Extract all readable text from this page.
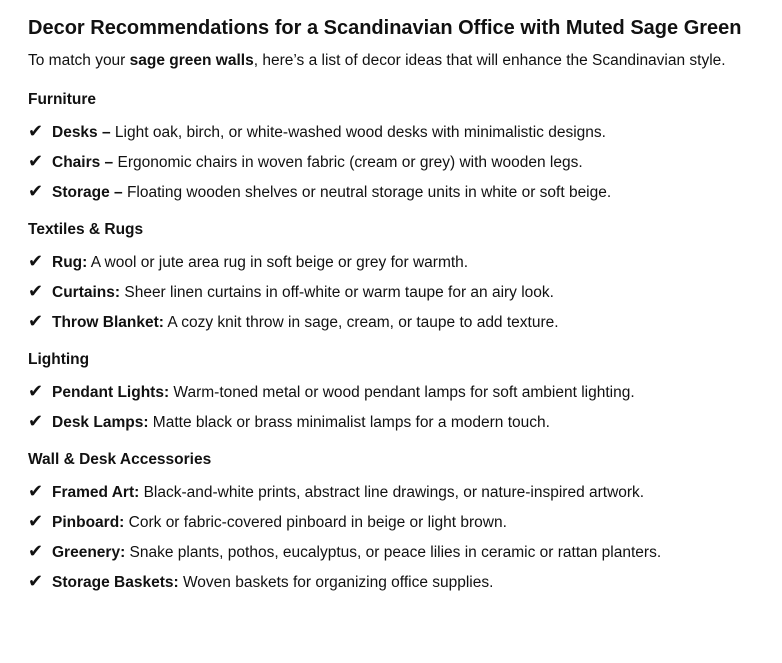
Decor Recommendations for a Scandinavian Office with Muted Sage Green

To match your sage green walls, here’s a list of decor ideas that will enhance the Scandinavian style.

Furniture
✔ Desks – Light oak, birch, or white-washed wood desks with minimalistic designs.
✔ Chairs – Ergonomic chairs in woven fabric (cream or grey) with wooden legs.
✔ Storage – Floating wooden shelves or neutral storage units in white or soft beige.
Textiles & Rugs
✔ Rug: A wool or jute area rug in soft beige or grey for warmth.
✔ Curtains: Sheer linen curtains in off-white or warm taupe for an airy look.
✔ Throw Blanket: A cozy knit throw in sage, cream, or taupe to add texture.
Lighting
✔ Pendant Lights: Warm-toned metal or wood pendant lamps for soft ambient lighting.
✔ Desk Lamps: Matte black or brass minimalist lamps for a modern touch.
Wall & Desk Accessories
✔ Framed Art: Black-and-white prints, abstract line drawings, or nature-inspired artwork.
✔ Pinboard: Cork or fabric-covered pinboard in beige or light brown.
✔ Greenery: Snake plants, pothos, eucalyptus, or peace lilies in ceramic or rattan planters.
✔ Storage Baskets: Woven baskets for organizing office supplies.
